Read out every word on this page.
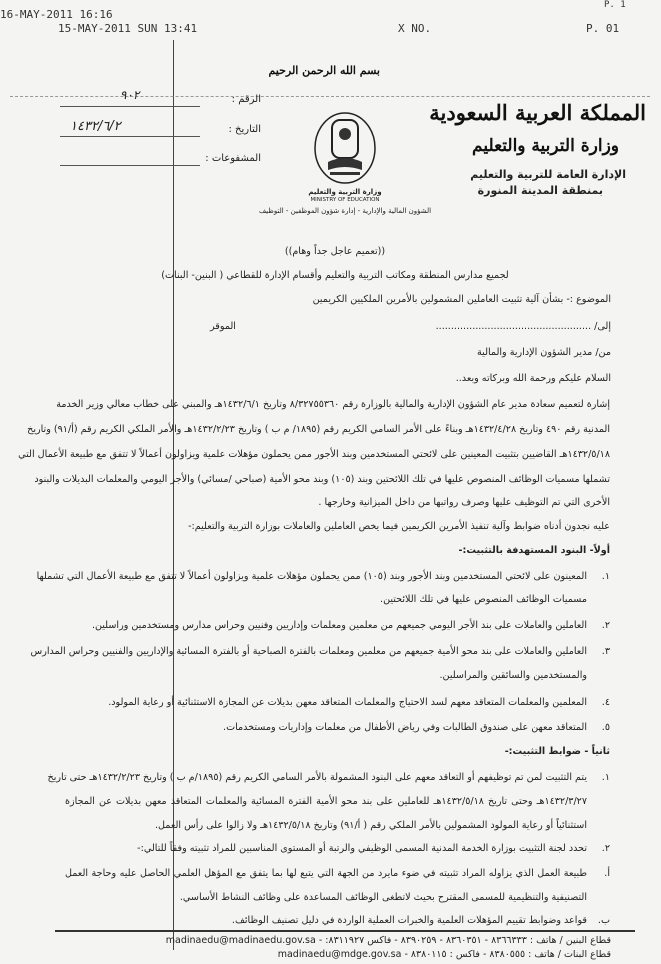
P. 1
16-MAY-2011 16:16
15-MAY-2011 SUN 13:41	X NO.	P. 01
بسم الله الرحمن الرحيم
المملكة العربية السعودية
وزارة التربية والتعليم
الإدارة العامة للتربية والتعليم
بمنطقة المدينة المنورة
وزارة التربية والتعليم
MINISTRY OF EDUCATION
الشؤون المالية والإدارية - إدارة شؤون الموظفين - التوظيف
الرقم :
٩٠٢
التاريخ :
١٤٣٢/٦/٢
المشفوعات :
((تعميم عاجل جداً وهام))
لجميع مدارس المنطقة ومكاتب التربية والتعليم وأقسام الإدارة للقطاعي ( البنين- البنات)
الموضوع :- بشأن آلية تثبيت العاملين المشمولين بالأمرين الملكيين الكريمين
إلى/ ...................................................
الموقر
من/ مدير الشؤون الإدارية والمالية
السلام عليكم ورحمة الله وبركاته وبعد..
إشارة لتعميم سعادة مدير عام الشؤون الإدارية والمالية بالوزارة رقم ٨/٣٢٧٥٥٣٦٠ وتاريخ ١٤٣٢/٦/١هـ والمبني على خطاب معالي وزير الخدمة
المدنية رقم ٤٩٠ وتاريخ ١٤٣٢/٤/٢٨هـ وبناءً على الأمر السامي الكريم رقم (١٨٩٥/ م ب ) وتاريخ ١٤٣٢/٢/٢٣هـ والأمر الملكي الكريم رقم (أ/٩١) وتاريخ
١٤٣٢/٥/١٨هـ القاضيين بتثبيت المعينين على لائحتي المستخدمين وبند الأجور ممن يحملون مؤهلات علمية ويزاولون أعمالاً لا تتفق مع طبيعة الأعمال التي
تشملها مسميات الوظائف المنصوص عليها في تلك اللائحتين وبند (١٠٥) وبند محو الأمية (صباحي /مسائي) والأجر اليومي والمعلمات البديلات والبنود
الأخرى التي تم التوظيف عليها وصرف رواتبها من داخل الميزانية وخارجها .
عليه نجدون أدناه ضوابط وآلية تنفيذ الأمرين الكريمين فيما يخص العاملين والعاملات بوزارة التربية والتعليم:-
أولاً- البنود المستهدفة بالتثبيت:-
١.
المعينون على لائحتي المستخدمين وبند الأجور وبند (١٠٥) ممن يحملون مؤهلات علمية ويزاولون أعمالاً لا تتفق مع طبيعة الأعمال التي تشملها
مسميات الوظائف المنصوص عليها في تلك اللائحتين.
٢.
العاملين والعاملات على بند الأجر اليومي جميعهم من معلمين ومعلمات وإداريين وفنيين وحراس مدارس ومستخدمين وراسلين.
٣.
العاملين والعاملات على بند محو الأمية جميعهم من معلمين ومعلمات بالفترة الصباحية أو بالفترة المسائية والإداريين والفنيين وحراس المدارس
والمستخدمين والسائقين والمراسلين.
٤.
المعلمين والمعلمات المتعاقد معهم لسد الاحتياج والمعلمات المتعاقد معهن بديلات عن المجازة الاستثنائية أو رعاية المولود.
٥.
المتعاقد معهن على صندوق الطالبات وفي رياض الأطفال من معلمات وإداريات ومستخدمات.
ثانياً - ضوابط التثبيت:-
١.
يتم التثبيت لمن تم توظيفهم أو التعاقد معهم على البنود المشمولة بالأمر السامي الكريم رقم (١٨٩٥/م ب ) وتاريخ ١٤٣٢/٢/٢٣هـ حتى تاريخ
١٤٣٢/٣/٢٧هـ وحتى تاريخ ١٤٣٢/٥/١٨هـ للعاملين على بند محو الأمية الفترة المسائية والمعلمات المتعاقد معهن بديلات عن المجازة
استثنائياً أو رعاية المولود المشمولين بالأمر الملكي رقم ( أ/٩١) وتاريخ ١٤٣٢/٥/١٨هـ ولا زالوا على رأس العمل.
٢.
تحدد لجنة التثبيت بوزارة الخدمة المدنية المسمى الوظيفي والرتبة أو المستوى المناسبين للمراد تثبيته وفقاً للتالي:-
أ.
طبيعة العمل الذي يزاوله المراد تثبيته في ضوء مايرد من الجهة التي يتبع لها بما يتفق مع المؤهل العلمي الحاصل عليه وحاجة العمل
التصنيفية والتنظيمية للمسمى المقترح بحيث لاتطغى الوظائف المساعدة على وظائف النشاط الأساسي.
ب.
قواعد وضوابط تقييم المؤهلات العلمية والخبرات العملية الواردة في دليل تصنيف الوظائف.
قطاع البنين / هاتف : ٨٣٦٦٣٣٣ - ٨٣٦٠٣٥١ - ٨٣٩٠٢٥٩ - فاكس ٨٣١١٩٢٧: - madinaedu@madinaedu.gov.sa
قطاع البنات / هاتف : ٨٣٨٠٥٥٥ - فاكس : ٨٣٨٠١١٥ - madinaedu@mdge.gov.sa
